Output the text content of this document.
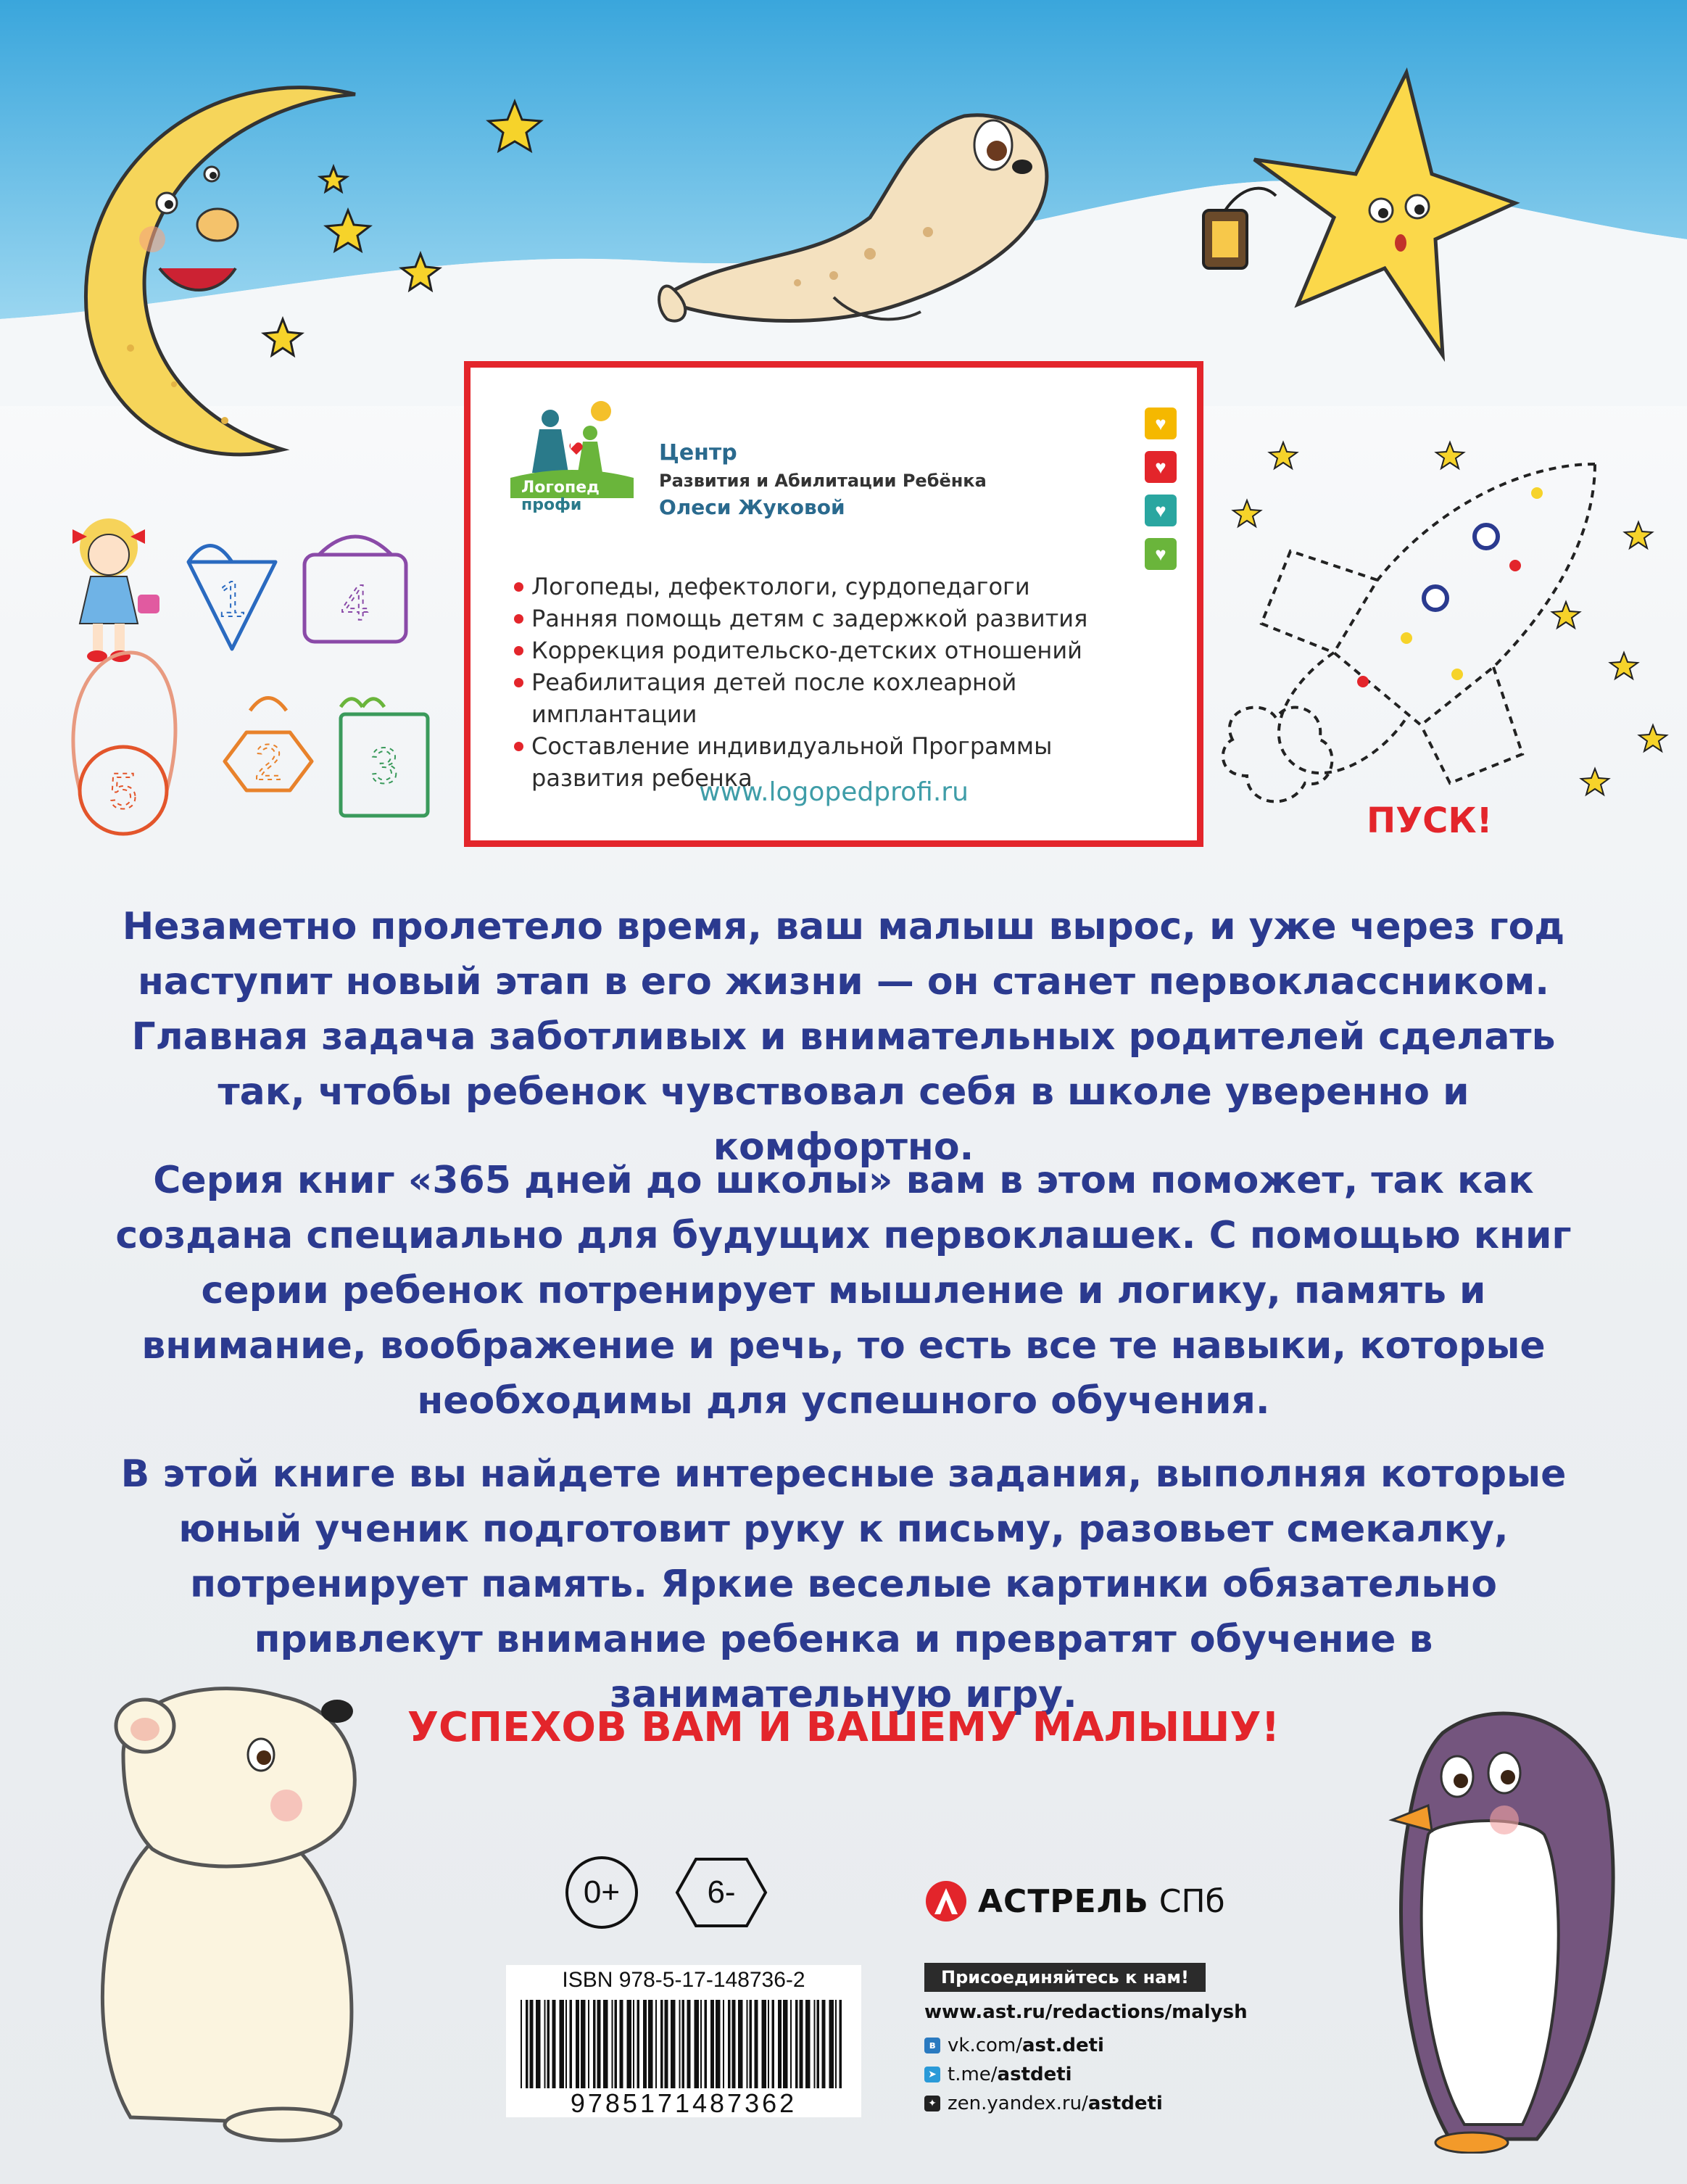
Логопед
профи
Центр
Развития и Абилитации Ребёнка
Олеси Жуковой
♥
♥
♥
♥
Логопеды, дефектологи, сурдопедагоги
Ранняя помощь детям с задержкой развития
Коррекция родительско-детских отношений
Реабилитация детей после кохлеарной имплантации
Составление индивидуальной Программы развития ребенка
www.logopedprofi.ru
1 4
5
2 3
ПУСК!

Незаметно пролетело время, ваш малыш вырос, и уже через год наступит новый этап в его жизни — он станет первоклассником. Главная задача заботливых и внимательных родителей сделать так, чтобы ребенок чувствовал себя в школе уверенно и комфортно.

Серия книг «365 дней до школы» вам в этом поможет, так как создана специально для будущих первоклашек. С помощью книг серии ребенок потренирует мышление и логику, память и внимание, воображение и речь, то есть все те навыки, которые необходимы для успешного обучения.

В этой книге вы найдете интересные задания, выполняя которые юный ученик подготовит руку к письму, разовьет смекалку, потренирует память. Яркие веселые картинки обязательно привлекут внимание ребенка и превратят обучение в занимательную игру.

УСПЕХОВ ВАМ И ВАШЕМУ МАЛЫШУ!
0+	6-	АСТРЕЛЬ СПб
Присоединяйтесь к нам!
www.ast.ru/redactions/malysh
в vk.com/ast.deti
➤ t.me/astdeti
✦ zen.yandex.ru/astdeti
ISBN 978-5-17-148736-2
9785171487362
